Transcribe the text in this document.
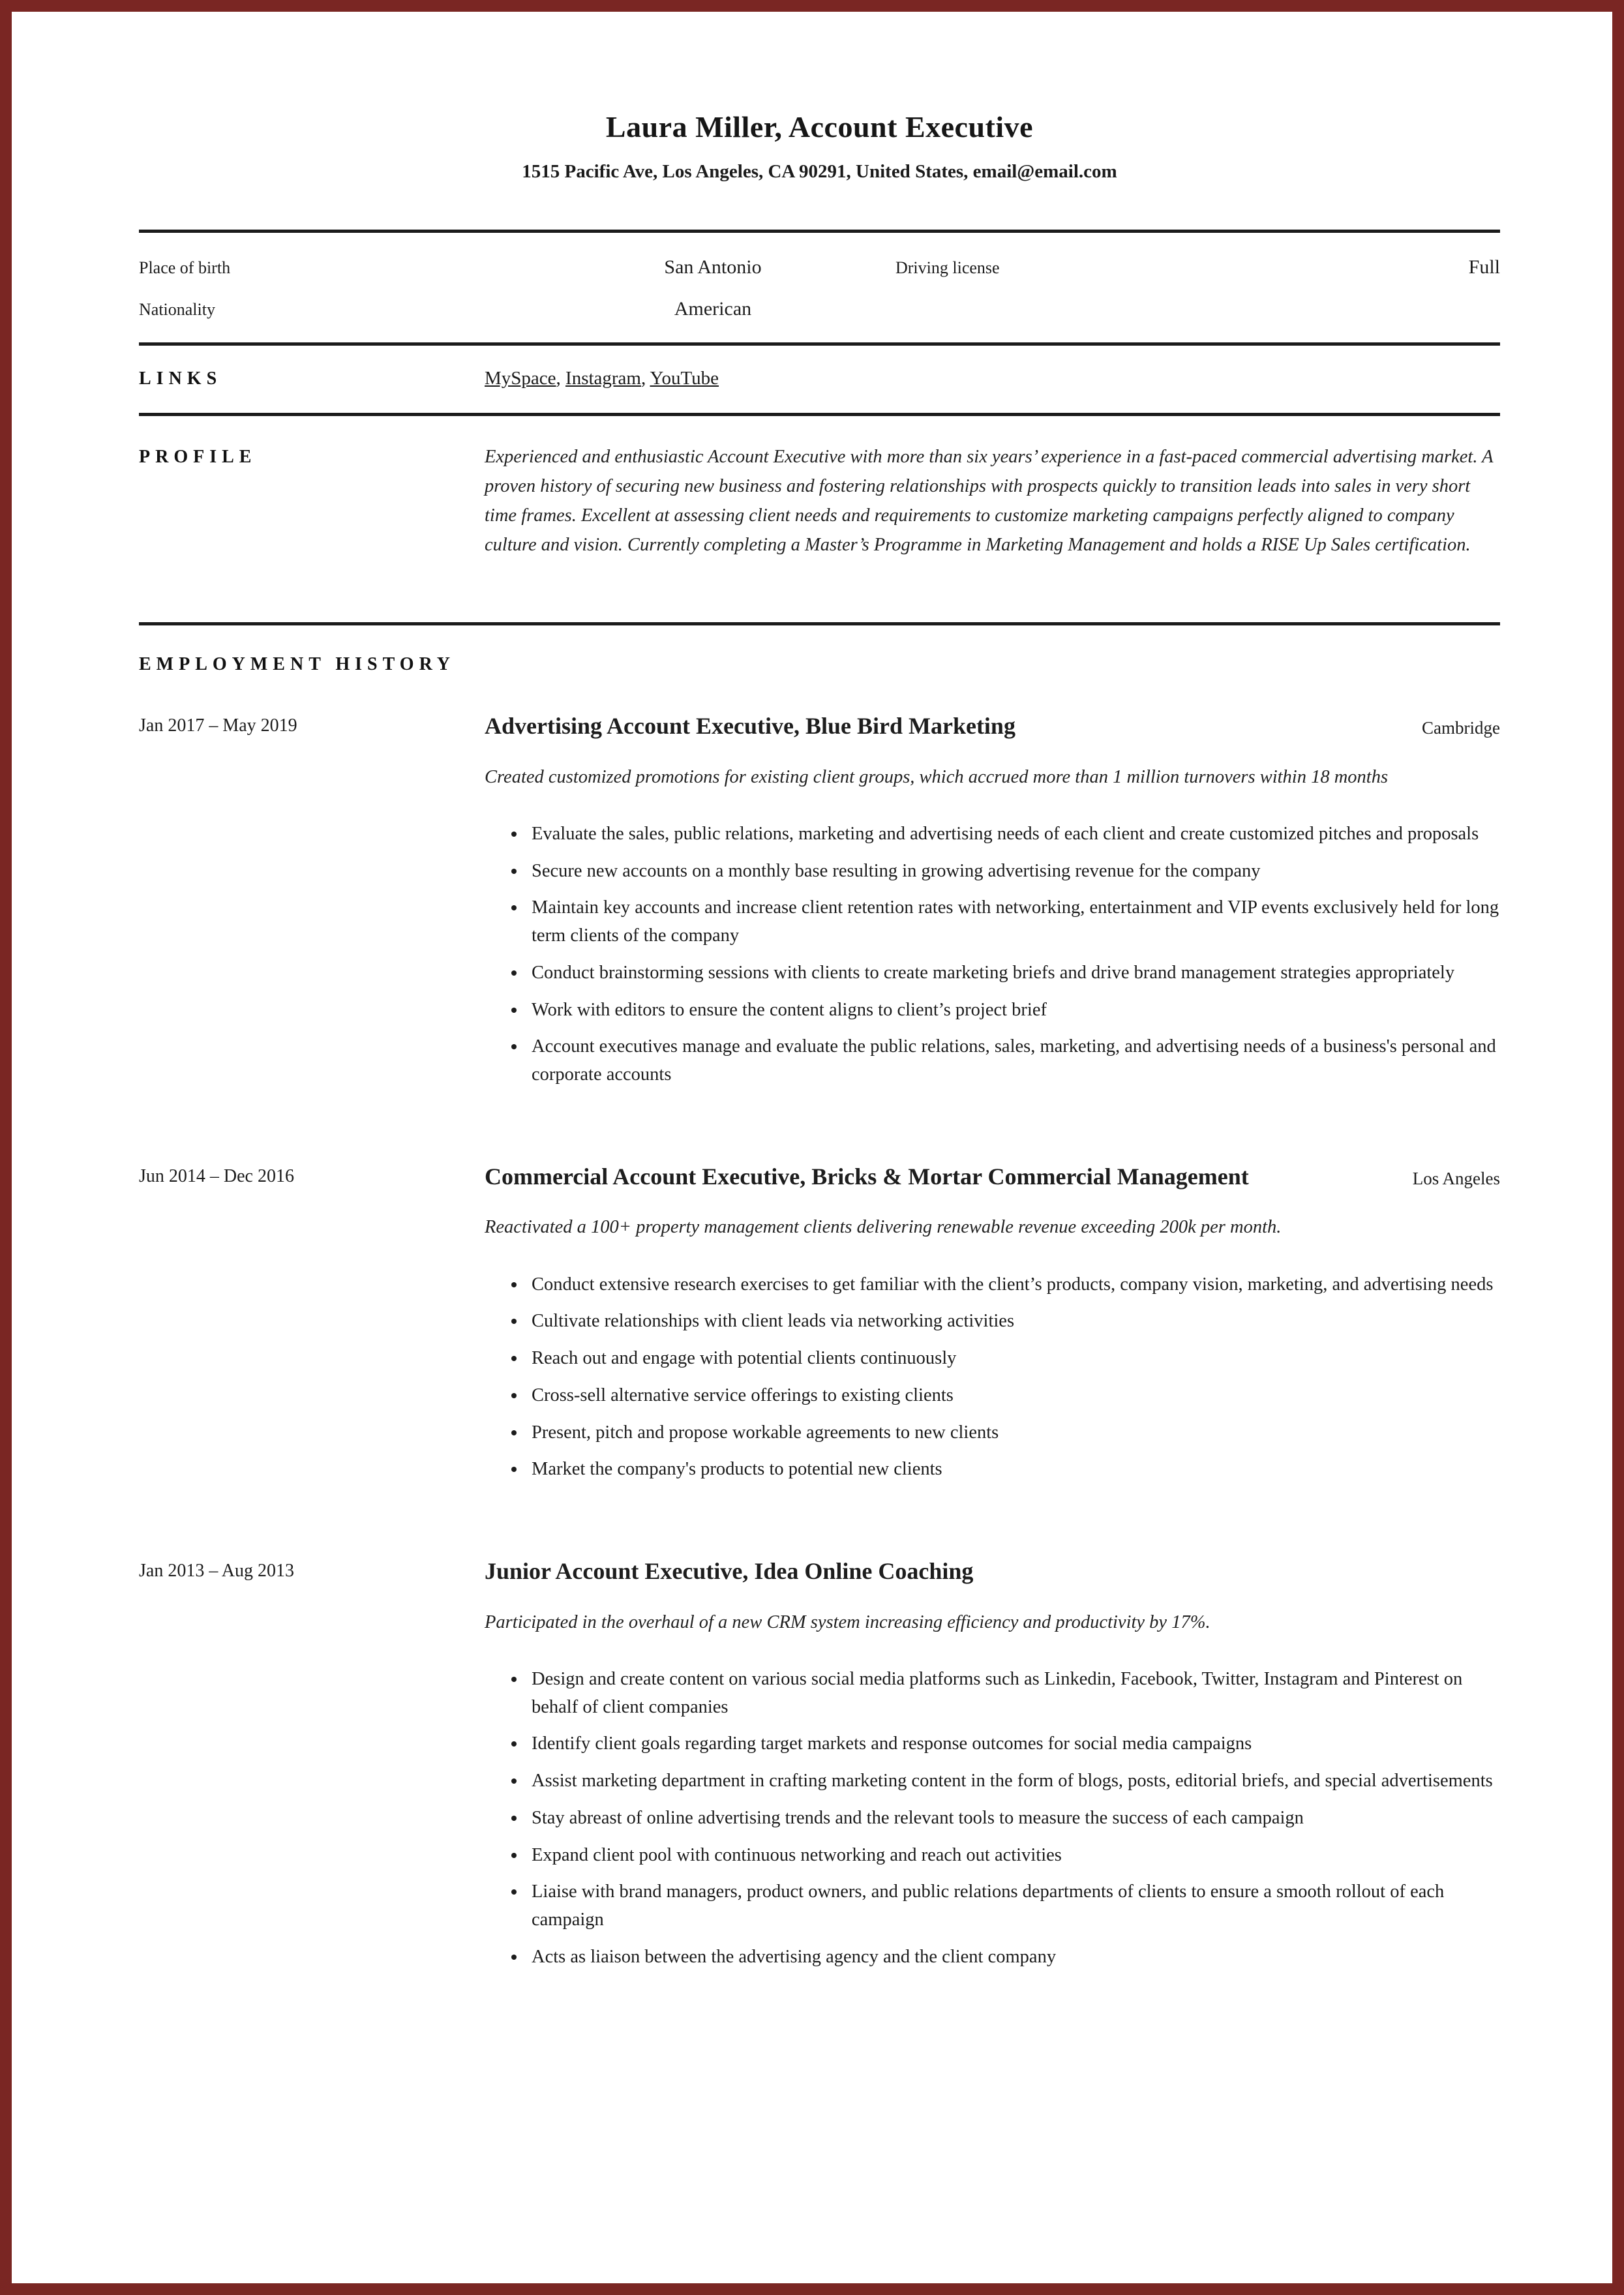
Laura Miller, Account Executive
1515 Pacific Ave, Los Angeles, CA 90291, United States, email@email.com
Place of birth	San Antonio	Driving license	Full
Nationality	American
LINKS	MySpace, Instagram, YouTube
PROFILE	Experienced and enthusiastic Account Executive with more than six years’ experience in a fast-paced commercial advertising market. A proven history of securing new business and fostering relationships with prospects quickly to transition leads into sales in very short time frames. Excellent at assessing client needs and requirements to customize marketing campaigns perfectly aligned to company culture and vision. Currently completing a Master’s Programme in Marketing Management and holds a RISE Up Sales certification.

EMPLOYMENT HISTORY
Jan 2017 – May 2019	Advertising Account Executive, Blue Bird Marketing	Cambridge

Created customized promotions for existing client groups, which accrued more than 1 million turnovers within 18 months

• Evaluate the sales, public relations, marketing and advertising needs of each client and create customized pitches and proposals
• Secure new accounts on a monthly base resulting in growing advertising revenue for the company
• Maintain key accounts and increase client retention rates with networking, entertainment and VIP events exclusively held for long term clients of the company
• Conduct brainstorming sessions with clients to create marketing briefs and drive brand management strategies appropriately
• Work with editors to ensure the content aligns to client’s project brief
• Account executives manage and evaluate the public relations, sales, marketing, and advertising needs of a business's personal and corporate accounts
Jun 2014 – Dec 2016	Commercial Account Executive, Bricks & Mortar Commercial Management	Los Angeles

Reactivated a 100+ property management clients delivering renewable revenue exceeding 200k per month.

• Conduct extensive research exercises to get familiar with the client’s products, company vision, marketing, and advertising needs
• Cultivate relationships with client leads via networking activities
• Reach out and engage with potential clients continuously
• Cross-sell alternative service offerings to existing clients
• Present, pitch and propose workable agreements to new clients
• Market the company's products to potential new clients
Jan 2013 – Aug 2013	Junior Account Executive, Idea Online Coaching

Participated in the overhaul of a new CRM system increasing efficiency and productivity by 17%.

• Design and create content on various social media platforms such as Linkedin, Facebook, Twitter, Instagram and Pinterest on behalf of client companies
• Identify client goals regarding target markets and response outcomes for social media campaigns
• Assist marketing department in crafting marketing content in the form of blogs, posts, editorial briefs, and special advertisements
• Stay abreast of online advertising trends and the relevant tools to measure the success of each campaign
• Expand client pool with continuous networking and reach out activities
• Liaise with brand managers, product owners, and public relations departments of clients to ensure a smooth rollout of each campaign
• Acts as liaison between the advertising agency and the client company
